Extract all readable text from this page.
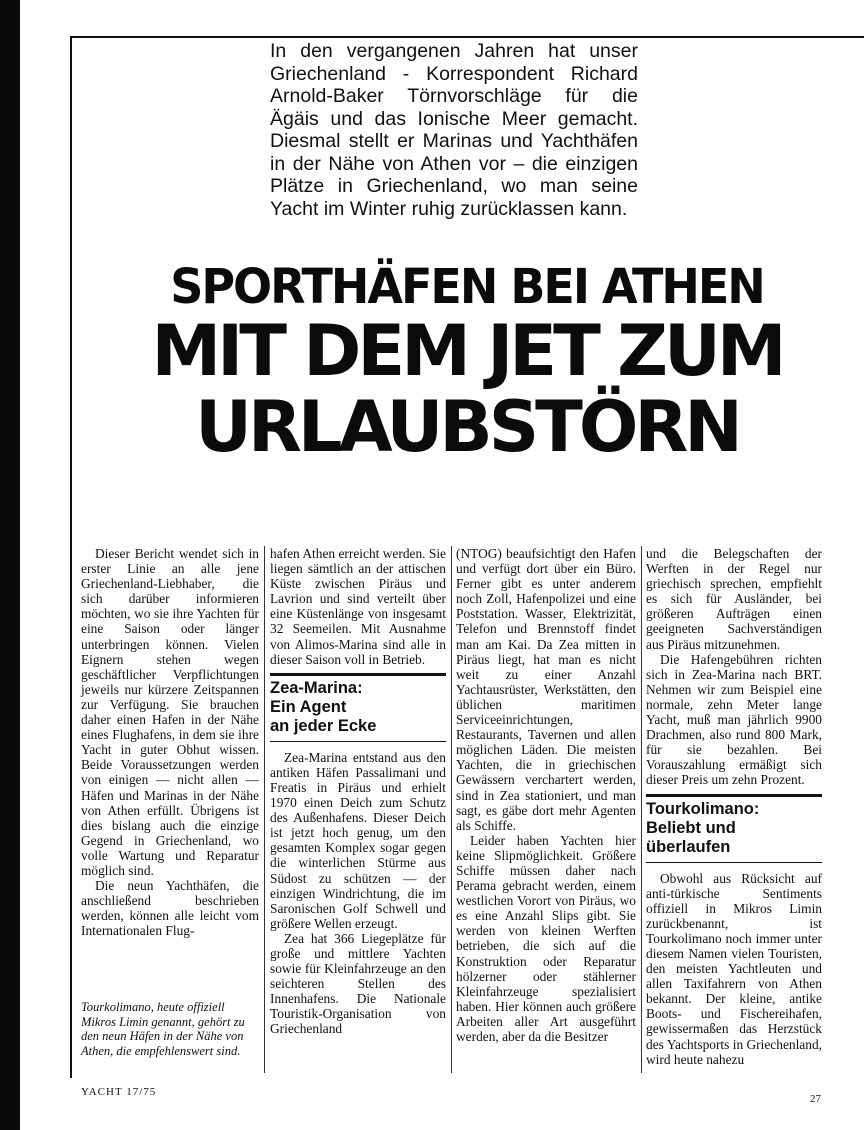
In den vergangenen Jahren hat unser
Griechenland - Korrespondent Richard
Arnold-Baker Törnvorschläge für die
Ägäis und das Ionische Meer gemacht.
Diesmal stellt er Marinas und Yachthäfen
in der Nähe von Athen vor – die einzigen
Plätze in Griechenland, wo man seine
Yacht im Winter ruhig zurücklassen kann.
SPORTHÄFEN BEI ATHEN
MIT DEM JET ZUM
URLAUBSTÖRN

Dieser Bericht wendet sich in erster Linie an alle jene Griechenland-Liebhaber, die sich darüber informieren möchten, wo sie ihre Yachten für eine Saison oder länger unterbringen können. Vielen Eignern stehen wegen geschäftlicher Verpflichtungen jeweils nur kürzere Zeitspannen zur Verfügung. Sie brauchen daher einen Hafen in der Nähe eines Flughafens, in dem sie ihre Yacht in guter Obhut wissen. Beide Voraussetzungen werden von einigen — nicht allen — Häfen und Marinas in der Nähe von Athen erfüllt. Übrigens ist dies bislang auch die einzige Gegend in Griechenland, wo volle Wartung und Reparatur möglich sind.

Die neun Yachthäfen, die anschließend beschrieben werden, können alle leicht vom Internationalen Flug-

Tourkolimano, heute offiziell Mikros Limin genannt, gehört zu den neun Häfen in der Nähe von Athen, die empfehlenswert sind.

hafen Athen erreicht werden. Sie liegen sämtlich an der attischen Küste zwischen Piräus und Lavrion und sind verteilt über eine Küstenlänge von insgesamt 32 Seemeilen. Mit Ausnahme von Alimos-Marina sind alle in dieser Saison voll in Betrieb.

Zea-Marina:
Ein Agent
an jeder Ecke

Zea-Marina entstand aus den antiken Häfen Passalimani und Freatis in Piräus und erhielt 1970 einen Deich zum Schutz des Außenhafens. Dieser Deich ist jetzt hoch genug, um den gesamten Komplex sogar gegen die winterlichen Stürme aus Südost zu schützen — der einzigen Windrichtung, die im Saronischen Golf Schwell und größere Wellen erzeugt.

Zea hat 366 Liegeplätze für große und mittlere Yachten sowie für Kleinfahrzeuge an den seichteren Stellen des Innenhafens. Die Nationale Touristik-Organisation von Griechenland

(NTOG) beaufsichtigt den Hafen und verfügt dort über ein Büro. Ferner gibt es unter anderem noch Zoll, Hafenpolizei und eine Poststation. Wasser, Elektrizität, Telefon und Brennstoff findet man am Kai. Da Zea mitten in Piräus liegt, hat man es nicht weit zu einer Anzahl Yachtausrüster, Werkstätten, den üblichen maritimen Serviceeinrichtungen, Restaurants, Tavernen und allen möglichen Läden. Die meisten Yachten, die in griechischen Gewässern verchartert werden, sind in Zea stationiert, und man sagt, es gäbe dort mehr Agenten als Schiffe.

Leider haben Yachten hier keine Slipmöglichkeit. Größere Schiffe müssen daher nach Perama gebracht werden, einem westlichen Vorort von Piräus, wo es eine Anzahl Slips gibt. Sie werden von kleinen Werften betrieben, die sich auf die Konstruktion oder Reparatur hölzerner oder stählerner Kleinfahrzeuge spezialisiert haben. Hier können auch größere Arbeiten aller Art ausgeführt werden, aber da die Besitzer

und die Belegschaften der Werften in der Regel nur griechisch sprechen, empfiehlt es sich für Ausländer, bei größeren Aufträgen einen geeigneten Sachverständigen aus Piräus mitzunehmen.

Die Hafengebühren richten sich in Zea-Marina nach BRT. Nehmen wir zum Beispiel eine normale, zehn Meter lange Yacht, muß man jährlich 9900 Drachmen, also rund 800 Mark, für sie bezahlen. Bei Vorauszahlung ermäßigt sich dieser Preis um zehn Prozent.

Tourkolimano:
Beliebt und überlaufen

Obwohl aus Rücksicht auf anti-türkische Sentiments offiziell in Mikros Limin zurückbenannt, ist Tourkolimano noch immer unter diesem Namen vielen Touristen, den meisten Yachtleuten und allen Taxifahrern von Athen bekannt. Der kleine, antike Boots- und Fischereihafen, gewissermaßen das Herzstück des Yachtsports in Griechenland, wird heute nahezu

YACHT 17/75
27
